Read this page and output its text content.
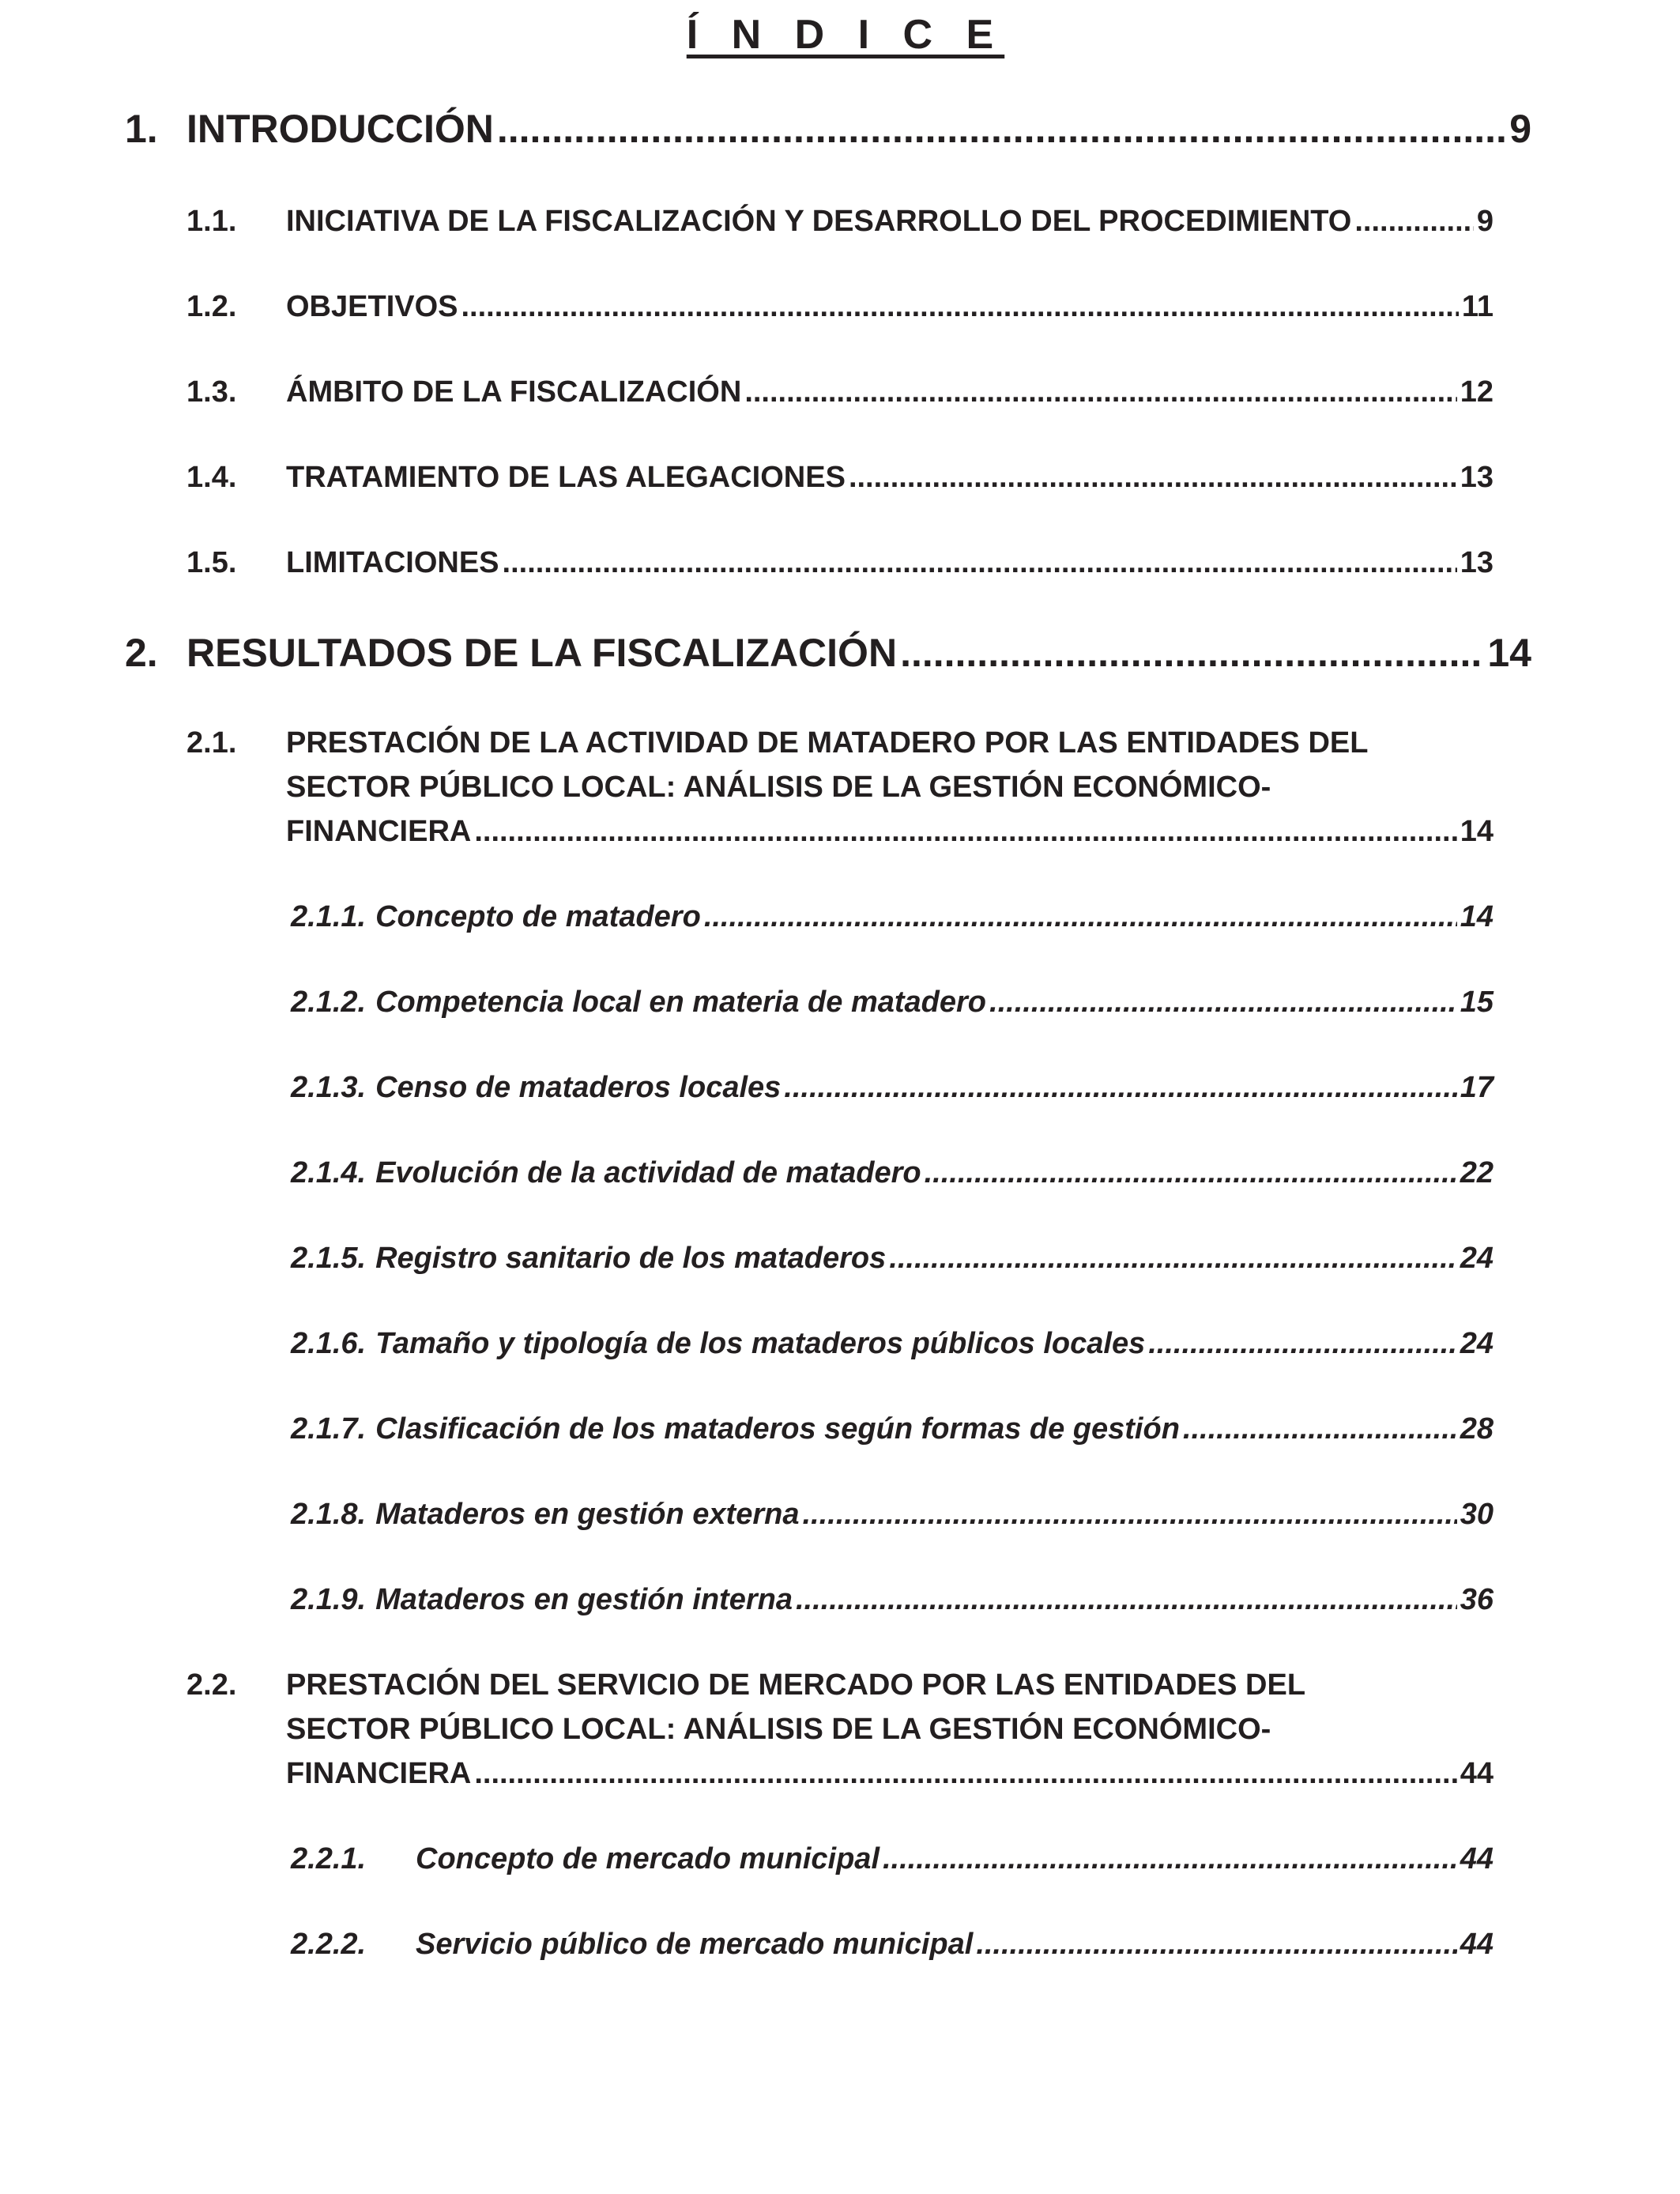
Í N D I C E
1. INTRODUCCIÓN .....	9
1.1.	INICIATIVA DE LA FISCALIZACIÓN Y DESARROLLO DEL PROCEDIMIENTO .....	9
1.2.	OBJETIVOS .....	11
1.3.	ÁMBITO DE LA FISCALIZACIÓN .....	12
1.4.	TRATAMIENTO DE LAS ALEGACIONES .....	13
1.5.	LIMITACIONES .....	13
2. RESULTADOS DE LA FISCALIZACIÓN .....	14
2.1. PRESTACIÓN DE LA ACTIVIDAD DE MATADERO POR LAS ENTIDADES DEL
SECTOR PÚBLICO LOCAL: ANÁLISIS DE LA GESTIÓN ECONÓMICO-
FINANCIERA .....	14
2.1.1. Concepto de matadero .....	14
2.1.2. Competencia local en materia de matadero .....	15
2.1.3. Censo de mataderos locales .....	17
2.1.4. Evolución de la actividad de matadero .....	22
2.1.5. Registro sanitario de los mataderos .....	24
2.1.6. Tamaño y tipología de los mataderos públicos locales .....	24
2.1.7. Clasificación de los mataderos según formas de gestión .....	28
2.1.8. Mataderos en gestión externa .....	30
2.1.9. Mataderos en gestión interna .....	36
2.2. PRESTACIÓN DEL SERVICIO DE MERCADO POR LAS ENTIDADES DEL
SECTOR PÚBLICO LOCAL: ANÁLISIS DE LA GESTIÓN ECONÓMICO-
FINANCIERA .....	44
2.2.1.	Concepto de mercado municipal .....	44
2.2.2.	Servicio público de mercado municipal .....	44
